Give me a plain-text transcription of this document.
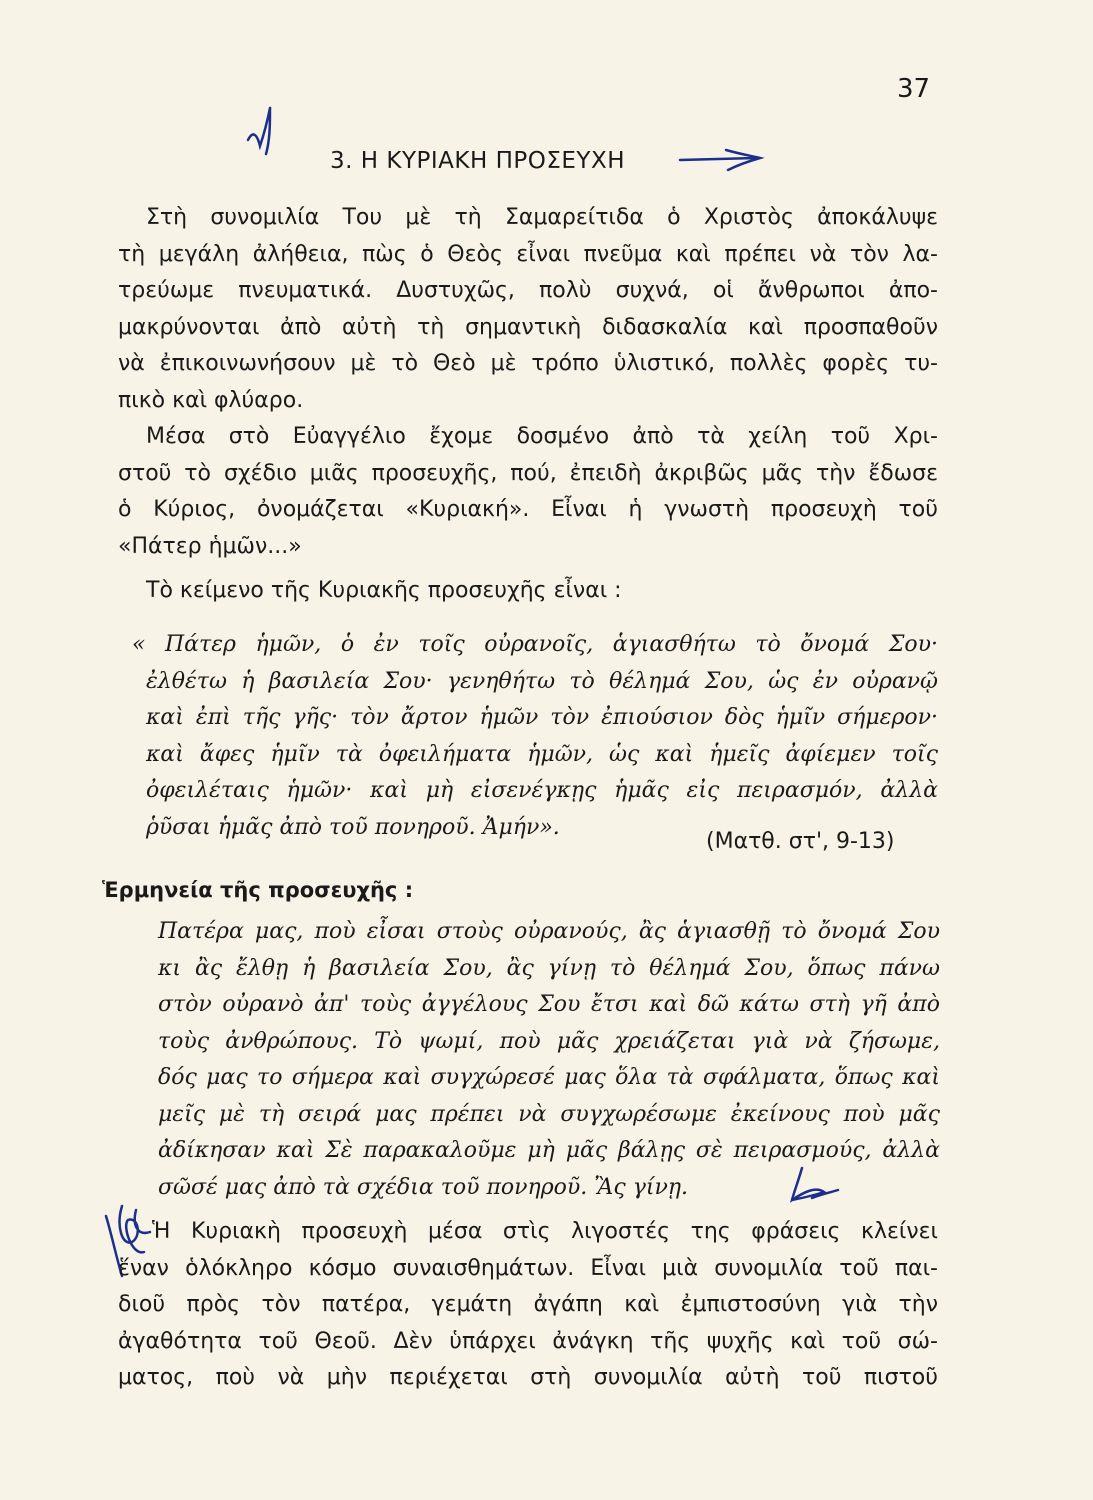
37
3. Η ΚΥΡΙΑΚΗ ΠΡΟΣΕΥΧΗ
Στὴ συνομιλία Του μὲ τὴ Σαμαρείτιδα ὁ Χριστὸς ἀποκάλυψε
τὴ μεγάλη ἀλήθεια, πὼς ὁ Θεὸς εἶναι πνεῦμα καὶ πρέπει νὰ τὸν λα-
τρεύωμε πνευματικά. Δυστυχῶς, πολὺ συχνά, οἱ ἄνθρωποι ἀπο-
μακρύνονται ἀπὸ αὐτὴ τὴ σημαντικὴ διδασκαλία καὶ προσπαθοῦν
νὰ ἐπικοινωνήσουν μὲ τὸ Θεὸ μὲ τρόπο ὑλιστικό, πολλὲς φορὲς τυ-
πικὸ καὶ φλύαρο.
Μέσα στὸ Εὐαγγέλιο ἔχομε δοσμένο ἀπὸ τὰ χείλη τοῦ Χρι-
στοῦ τὸ σχέδιο μιᾶς προσευχῆς, πού, ἐπειδὴ ἀκριβῶς μᾶς τὴν ἔδωσε
ὁ Κύριος, ὀνομάζεται «Κυριακή». Εἶναι ἡ γνωστὴ προσευχὴ τοῦ
«Πάτερ ἡμῶν...»
Τὸ κείμενο τῆς Κυριακῆς προσευχῆς εἶναι :
« Πάτερ ἡμῶν, ὁ ἐν τοῖς οὐρανοῖς, ἁγιασθήτω τὸ ὄνομά Σου·
ἐλθέτω ἡ βασιλεία Σου· γενηθήτω τὸ θέλημά Σου, ὡς ἐν οὐρανῷ
καὶ ἐπὶ τῆς γῆς· τὸν ἄρτον ἡμῶν τὸν ἐπιούσιον δὸς ἡμῖν σήμερον·
καὶ ἄφες ἡμῖν τὰ ὀφειλήματα ἡμῶν, ὡς καὶ ἡμεῖς ἀφίεμεν τοῖς
ὀφειλέταις ἡμῶν· καὶ μὴ εἰσενέγκῃς ἡμᾶς εἰς πειρασμόν, ἀλλὰ
ῥῦσαι ἡμᾶς ἀπὸ τοῦ πονηροῦ. Ἀμήν».
(Ματθ. στ', 9-13)
Ἑρμηνεία τῆς προσευχῆς :
Πατέρα μας, ποὺ εἶσαι στοὺς οὐρανούς, ἂς ἁγιασθῇ τὸ ὄνομά Σου
κι ἂς ἔλθῃ ἡ βασιλεία Σου, ἂς γίνῃ τὸ θέλημά Σου, ὅπως πάνω
στὸν οὐρανὸ ἀπ' τοὺς ἀγγέλους Σου ἔτσι καὶ δῶ κάτω στὴ γῆ ἀπὸ
τοὺς ἀνθρώπους. Τὸ ψωμί, ποὺ μᾶς χρειάζεται γιὰ νὰ ζήσωμε,
δός μας το σήμερα καὶ συγχώρεσέ μας ὅλα τὰ σφάλματα, ὅπως καὶ
μεῖς μὲ τὴ σειρά μας πρέπει νὰ συγχωρέσωμε ἐκείνους ποὺ μᾶς
ἀδίκησαν καὶ Σὲ παρακαλοῦμε μὴ μᾶς βάλῃς σὲ πειρασμούς, ἀλλὰ
σῶσέ μας ἀπὸ τὰ σχέδια τοῦ πονηροῦ. Ἂς γίνῃ.
Ἡ Κυριακὴ προσευχὴ μέσα στὶς λιγοστές της φράσεις κλείνει
ἕναν ὁλόκληρο κόσμο συναισθημάτων. Εἶναι μιὰ συνομιλία τοῦ παι-
διοῦ πρὸς τὸν πατέρα, γεμάτη ἀγάπη καὶ ἐμπιστοσύνη γιὰ τὴν
ἀγαθότητα τοῦ Θεοῦ. Δὲν ὑπάρχει ἀνάγκη τῆς ψυχῆς καὶ τοῦ σώ-
ματος, ποὺ νὰ μὴν περιέχεται στὴ συνομιλία αὐτὴ τοῦ πιστοῦ
